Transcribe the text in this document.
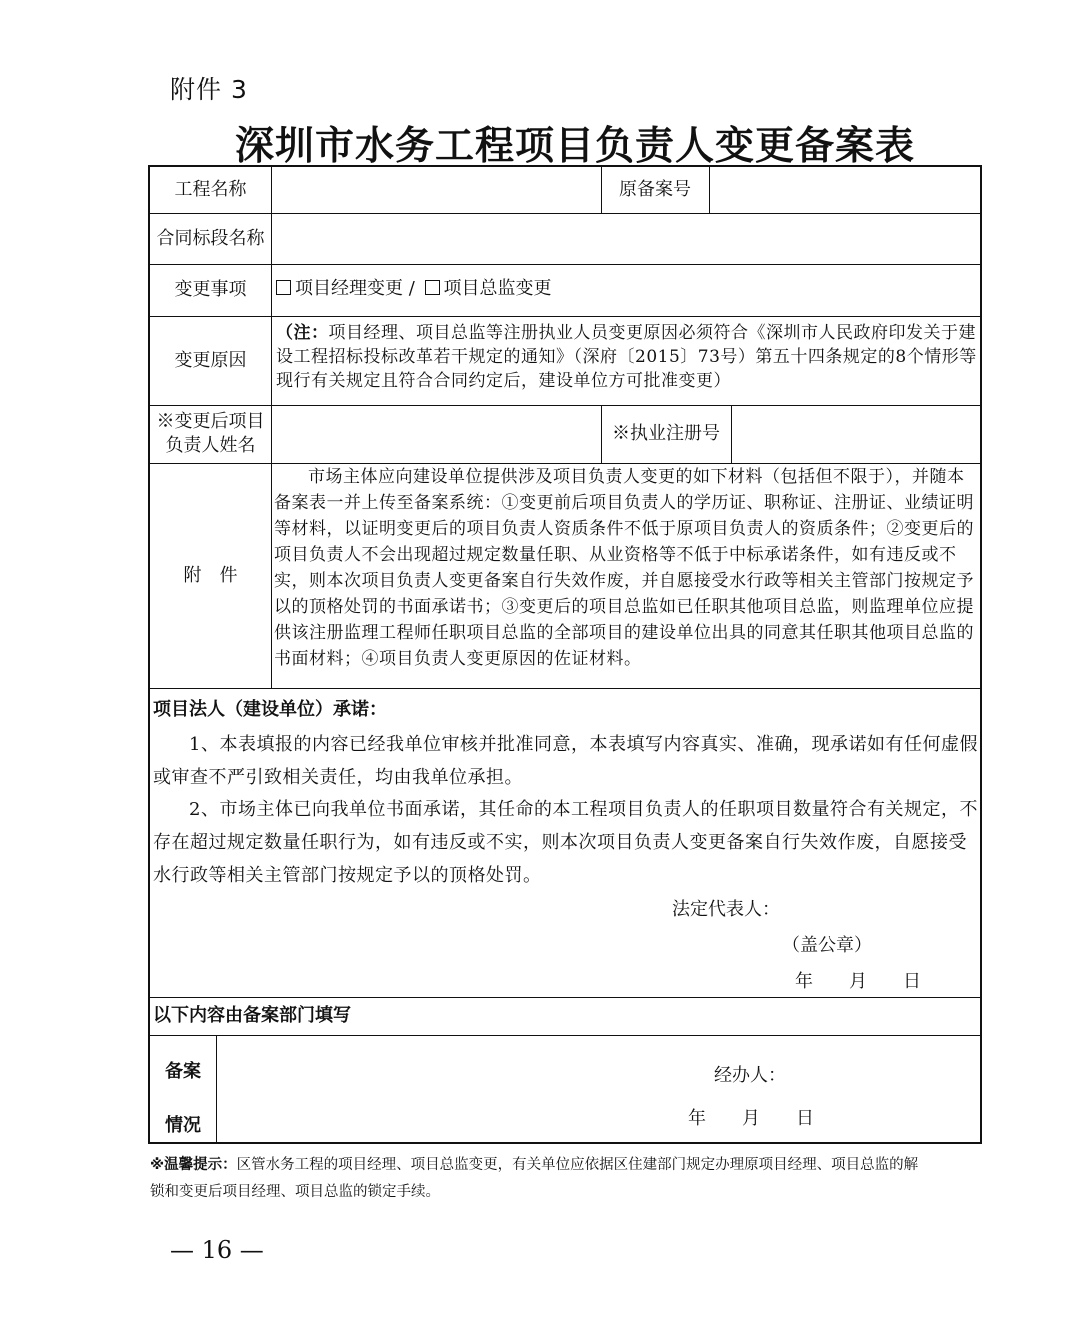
附件 3
深圳市水务工程项目负责人变更备案表
工程名称	原备案号
合同标段名称
变更事项	项目经理变更 / 项目总监变更
变更原因
（注：项目经理、项目总监等注册执业人员变更原因必须符合《深圳市人民政府印发关于建设工程招标投标改革若干规定的通知》（深府〔2015〕73号）第五十四条规定的8个情形等现行有关规定且符合合同约定后，建设单位方可批准变更）
※变更后项目
负责人姓名
※执业注册号
附　件
市场主体应向建设单位提供涉及项目负责人变更的如下材料（包括但不限于），并随本备案表一并上传至备案系统：①变更前后项目负责人的学历证、职称证、注册证、业绩证明等材料，以证明变更后的项目负责人资质条件不低于原项目负责人的资质条件；②变更后的项目负责人不会出现超过规定数量任职、从业资格等不低于中标承诺条件，如有违反或不实，则本次项目负责人变更备案自行失效作废，并自愿接受水行政等相关主管部门按规定予以的顶格处罚的书面承诺书；③变更后的项目总监如已任职其他项目总监，则监理单位应提供该注册监理工程师任职项目总监的全部项目的建设单位出具的同意其任职其他项目总监的书面材料；④项目负责人变更原因的佐证材料。
项目法人（建设单位）承诺：
1、本表填报的内容已经我单位审核并批准同意，本表填写内容真实、准确，现承诺如有任何虚假或审查不严引致相关责任，均由我单位承担。
2、市场主体已向我单位书面承诺，其任命的本工程项目负责人的任职项目数量符合有关规定，不存在超过规定数量任职行为，如有违反或不实，则本次项目负责人变更备案自行失效作废，自愿接受水行政等相关主管部门按规定予以的顶格处罚。
法定代表人：
（盖公章）
年　　月　　日
以下内容由备案部门填写
备案
情况
经办人：
年　　月　　日
※温馨提示：区管水务工程的项目经理、项目总监变更，有关单位应依据区住建部门规定办理原项目经理、项目总监的解锁和变更后项目经理、项目总监的锁定手续。
— 16 —
